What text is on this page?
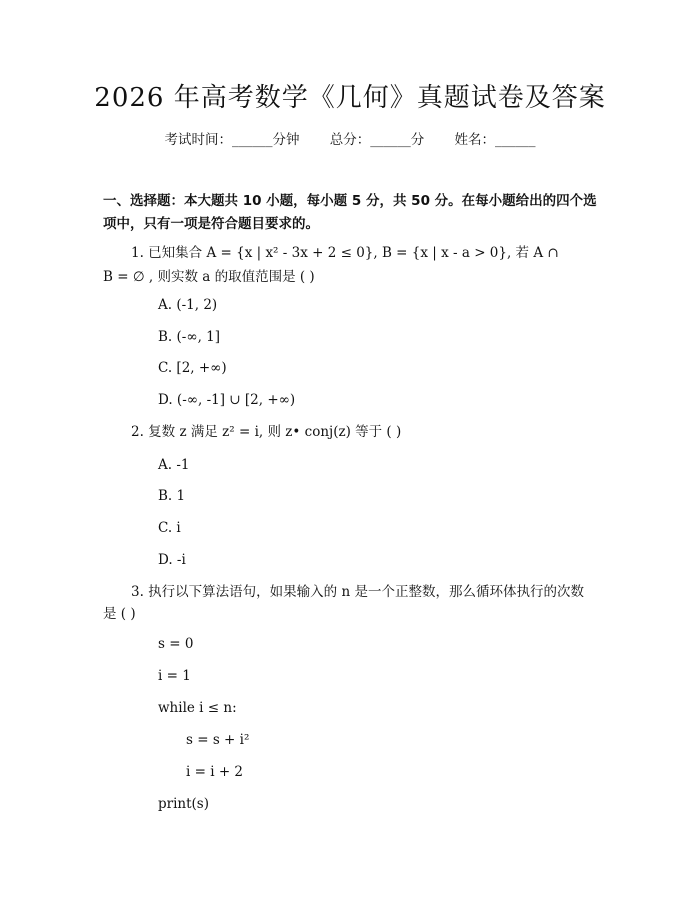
2026 年高考数学《几何》真题试卷及答案
考试时间：______分钟 总分：______分 姓名：______

一、选择题：本大题共 10 小题，每小题 5 分，共 50 分。在每小题给出的四个选

项中，只有一项是符合题目要求的。

1. 已知集合 A = {x | x² - 3x + 2 ≤ 0}, B = {x | x - a > 0}, 若 A ∩
B = ∅ , 则实数 a 的取值范围是 ( )
A. (-1, 2)
B. (-∞, 1]
C. [2, +∞)
D. (-∞, -1] ∪ [2, +∞)
2. 复数 z 满足 z² = i, 则 z• conj(z) 等于 ( )
A. -1
B. 1
C. i
D. -i
3. 执行以下算法语句，如果输入的 n 是一个正整数，那么循环体执行的次数
是 ( )
s = 0
i = 1
while i ≤ n:
s = s + i²
i = i + 2
print(s)
